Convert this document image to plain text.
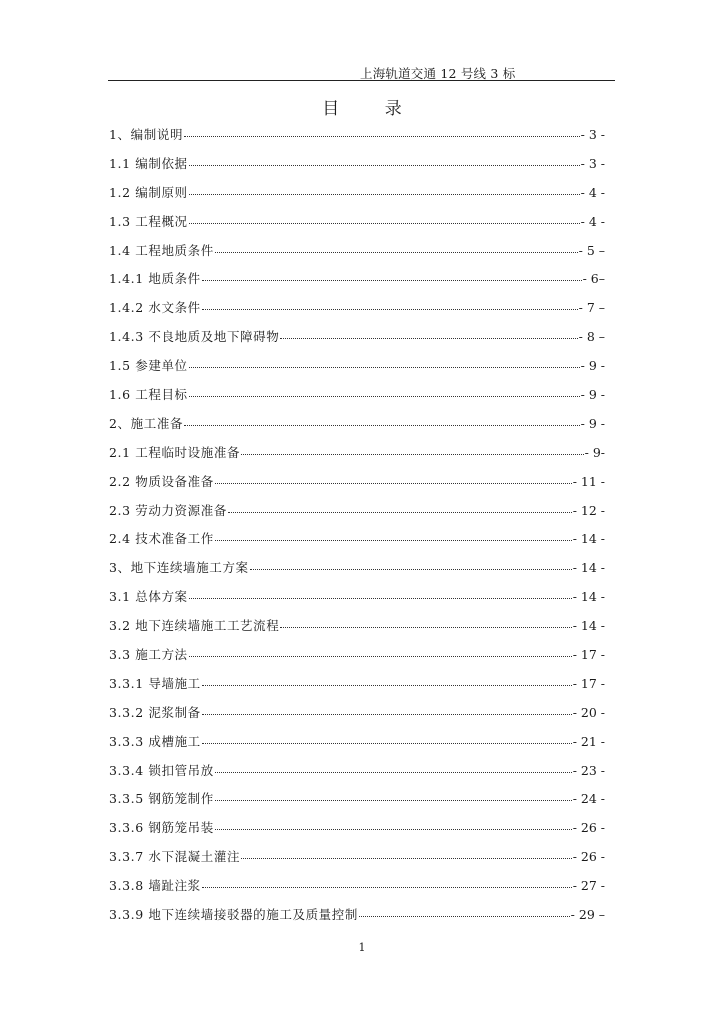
上海轨道交通 12 号线 3 标
目 录
1、编制说明	- 3 -
1.1 编制依据	- 3 -
1.2 编制原则	- 4 -
1.3 工程概况	- 4 -
1.4 工程地质条件	- 5 –
1.4.1 地质条件	- 6–
1.4.2 水文条件	- 7 –
1.4.3 不良地质及地下障碍物	- 8 –
1.5 参建单位	- 9 -
1.6 工程目标	- 9 -
2、施工准备	- 9 -
2.1 工程临时设施准备	- 9-
2.2 物质设备准备	- 11 -
2.3 劳动力资源准备	- 12 -
2.4 技术准备工作	- 14 -
3、地下连续墙施工方案	- 14 -
3.1 总体方案	- 14 -
3.2 地下连续墙施工工艺流程	- 14 -
3.3 施工方法	- 17 -
3.3.1 导墙施工	- 17 -
3.3.2 泥浆制备	- 20 -
3.3.3 成槽施工	- 21 -
3.3.4 锁扣管吊放	- 23 -
3.3.5 钢筋笼制作	- 24 -
3.3.6 钢筋笼吊装	- 26 -
3.3.7 水下混凝土灌注	- 26 -
3.3.8 墙趾注浆	- 27 -
3.3.9 地下连续墙接驳器的施工及质量控制	- 29 –
1
